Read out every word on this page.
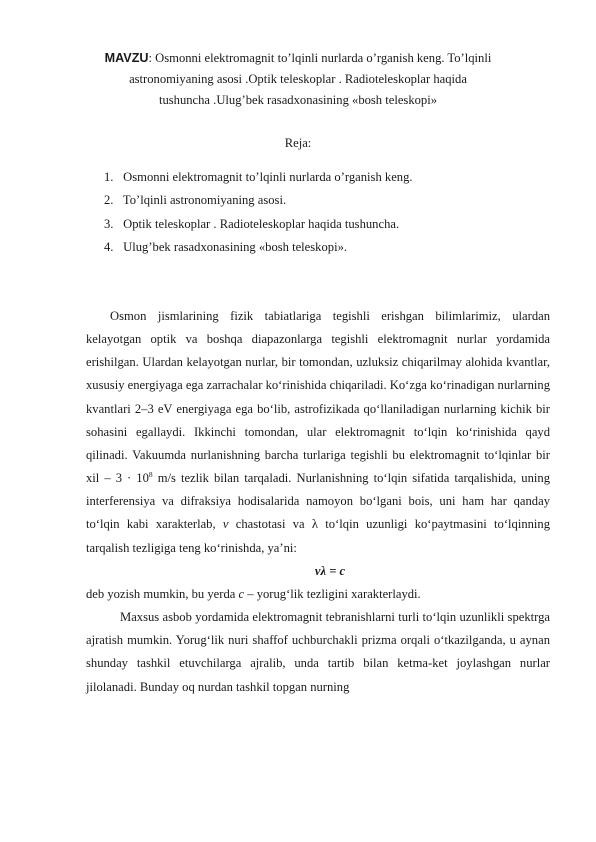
MAVZU: Osmonni elektromagnit to’lqinli nurlarda o’rganish keng. To’lqinli
astronomiyaning asosi .Optik teleskoplar . Radioteleskoplar haqida
tushuncha .Ulug’bek rasadxonasining «bosh teleskopi»
Reja:
1. Osmonni elektromagnit to’lqinli nurlarda o’rganish keng.
2. To’lqinli astronomiyaning asosi.
3. Optik teleskoplar . Radioteleskoplar haqida tushuncha.
4. Ulug’bek rasadxonasining «bosh teleskopi».

Osmon jismlarining fizik tabiatlariga tegishli erishgan bilimlarimiz, ulardan kelayotgan optik va boshqa diapazonlarga tegishli elektromagnit nurlar yordamida erishilgan. Ulardan kelayotgan nurlar, bir tomondan, uzluksiz chiqarilmay alohida kvantlar, xususiy energiyaga ega zarrachalar ko‘rinishida chiqariladi. Ko‘zga ko‘rinadigan nurlarning kvantlari 2–3 eV energiyaga ega bo‘lib, astrofizikada qo‘llaniladigan nurlarning kichik bir sohasini egallaydi. Ikkinchi tomondan, ular elektromagnit to‘lqin ko‘rinishida qayd qilinadi. Vakuumda nurlanishning barcha turlariga tegishli bu elektromagnit to‘lqinlar bir xil – $3 \cdot 10^8$ m/s tezlik bilan tarqaladi. Nurlanishning to‘lqin sifatida tarqalishida, uning interferensiya va difraksiya hodisalarida namoyon bo‘lgani bois, uni ham har qanday to‘lqin kabi xarakterlab, v chastotasi va λ to‘lqin uzunligi ko‘paytmasini to‘lqinning tarqalish tezligiga teng ko‘rinishda, ya’ni:

vλ = c

deb yozish mumkin, bu yerda c – yorug‘lik tezligini xarakterlaydi.

Maxsus asbob yordamida elektromagnit tebranishlarni turli to‘lqin uzunlikli spektrga ajratish mumkin. Yorug‘lik nuri shaffof uchburchakli prizma orqali o‘tkazilganda, u aynan shunday tashkil etuvchilarga ajralib, unda tartib bilan ketma-ket joylashgan nurlar jilolanadi. Bunday oq nurdan tashkil topgan nurning
